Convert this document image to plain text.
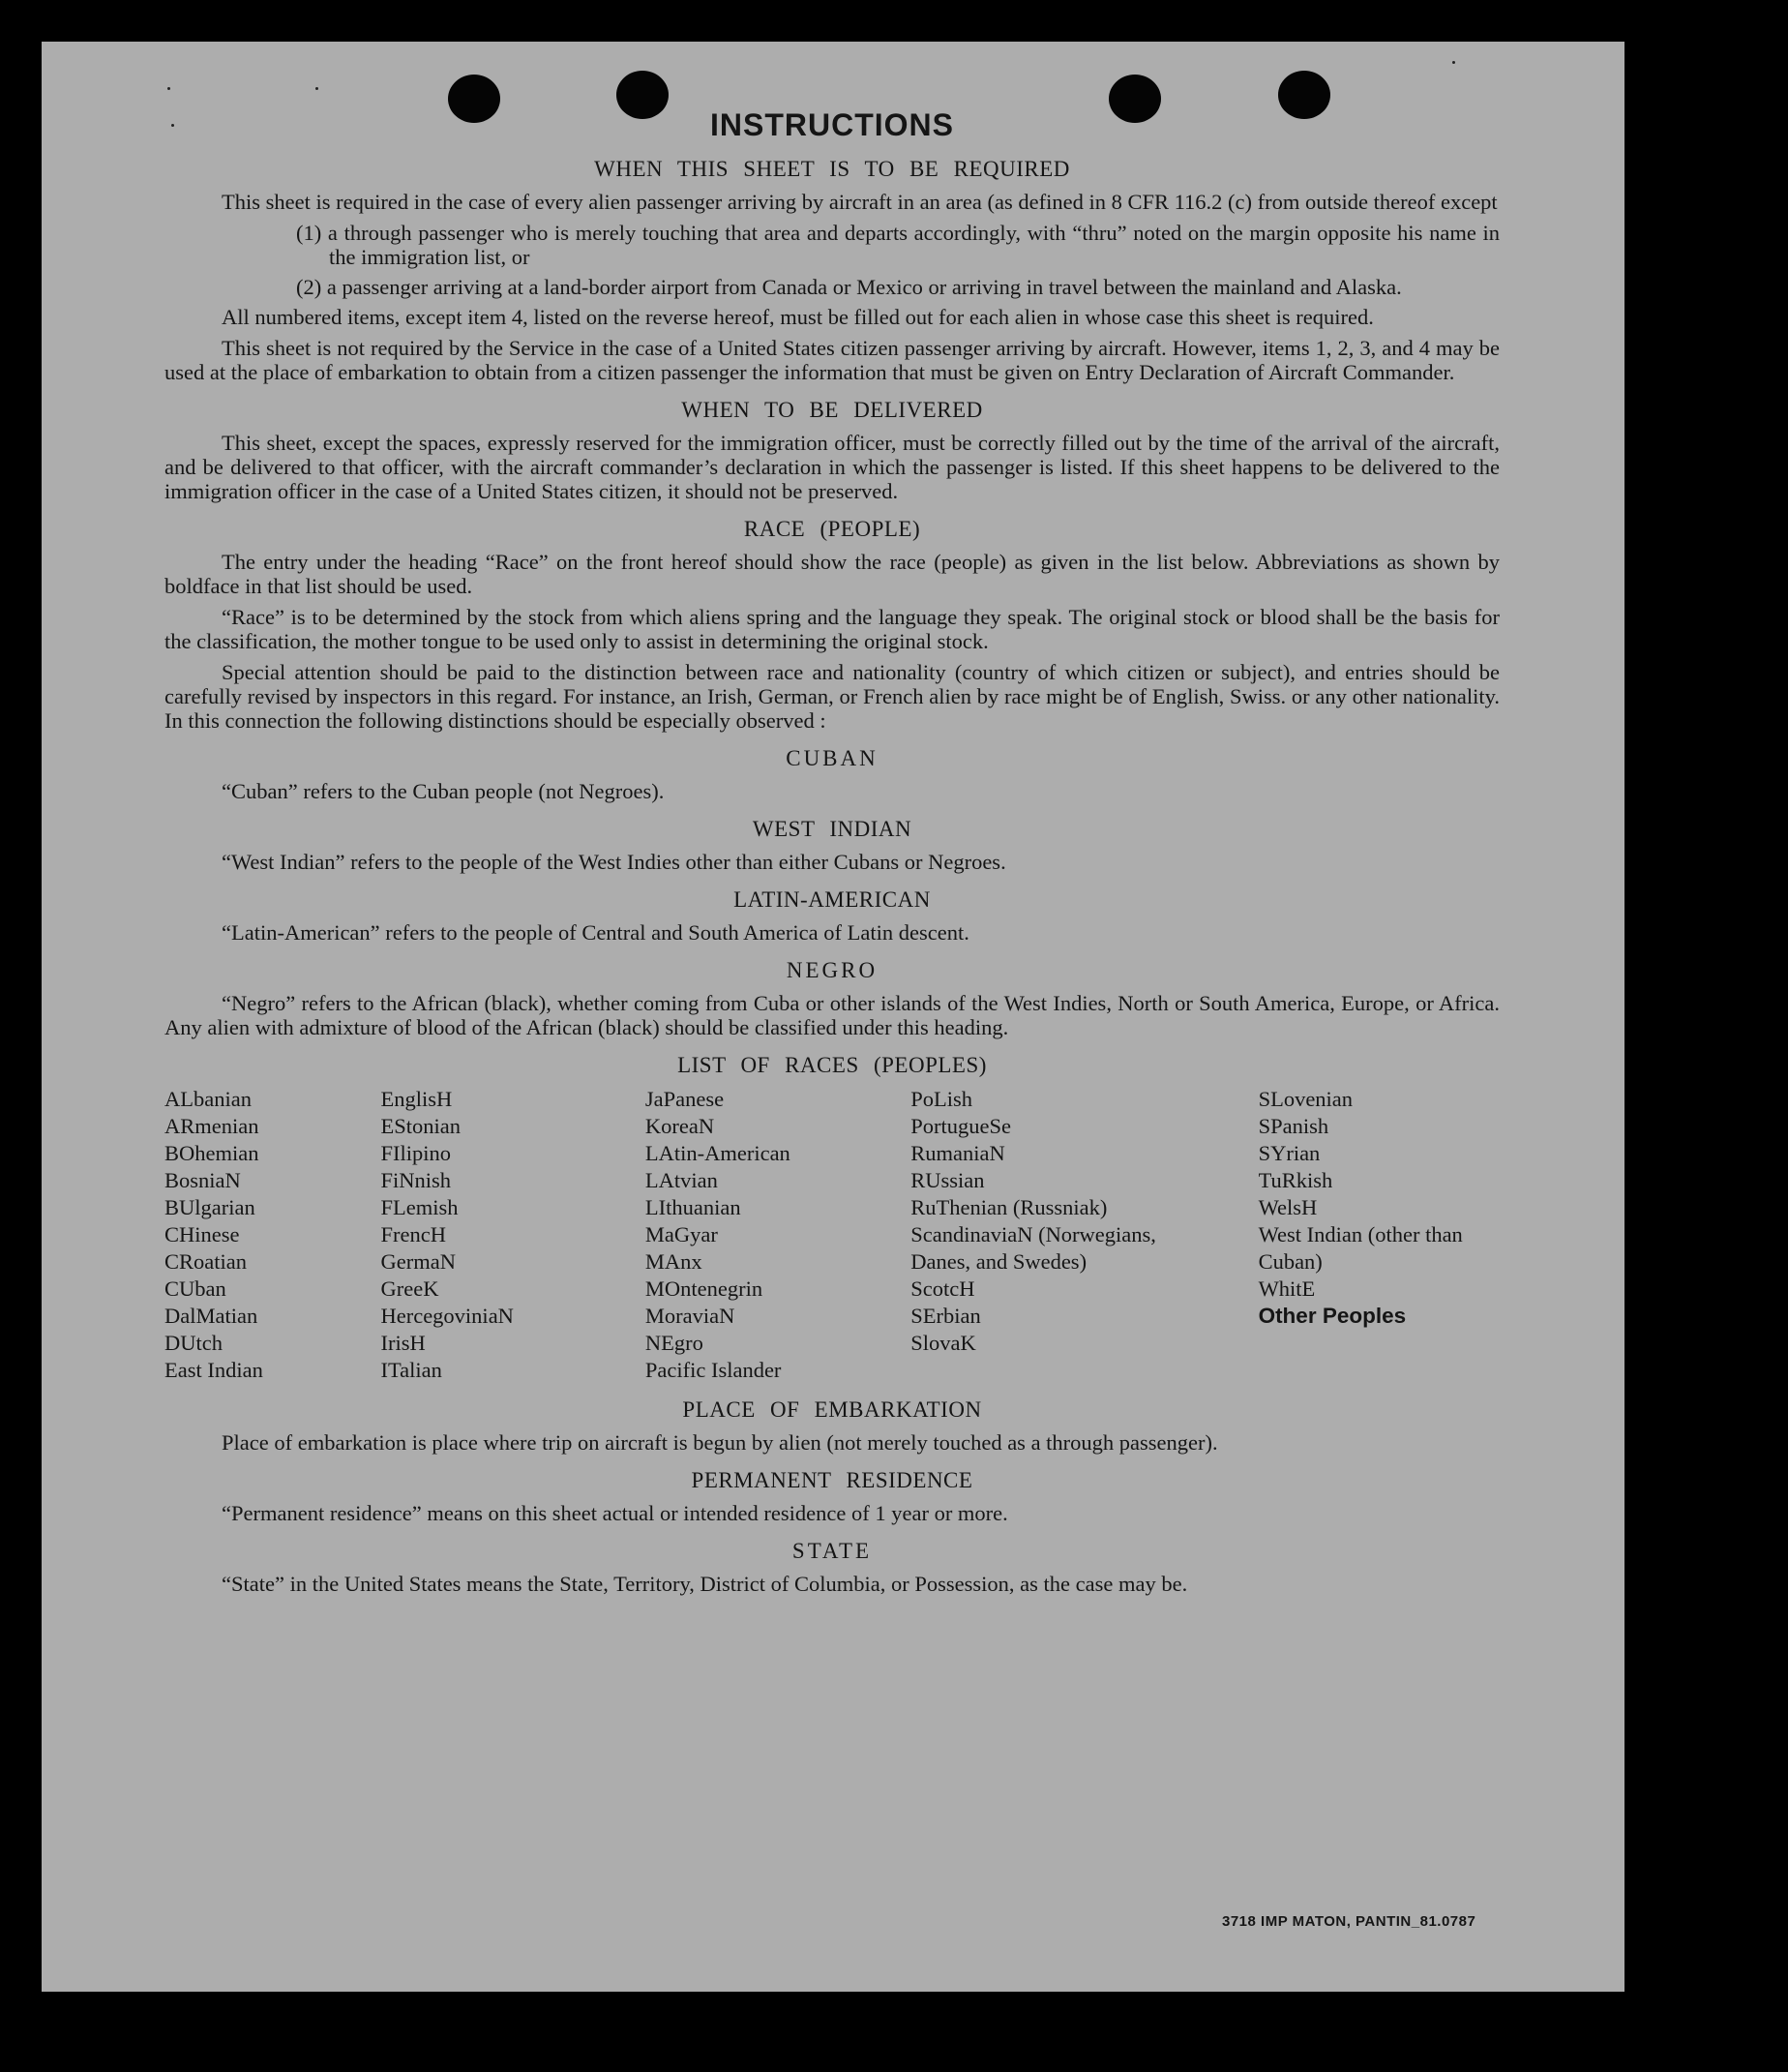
INSTRUCTIONS
WHEN THIS SHEET IS TO BE REQUIRED

This sheet is required in the case of every alien passenger arriving by aircraft in an area (as defined in 8 CFR 116.2 (c) from outside thereof except

(1) a through passenger who is merely touching that area and departs accordingly, with “thru” noted on the margin opposite his name in the immigration list, or

(2) a passenger arriving at a land-border airport from Canada or Mexico or arriving in travel between the mainland and Alaska.

All numbered items, except item 4, listed on the reverse hereof, must be filled out for each alien in whose case this sheet is required.

This sheet is not required by the Service in the case of a United States citizen passenger arriving by aircraft. However, items 1, 2, 3, and 4 may be used at the place of embarkation to obtain from a citizen passenger the information that must be given on Entry Declaration of Aircraft Commander.

WHEN TO BE DELIVERED

This sheet, except the spaces, expressly reserved for the immigration officer, must be correctly filled out by the time of the arrival of the aircraft, and be delivered to that officer, with the aircraft commander’s declaration in which the passenger is listed. If this sheet happens to be delivered to the immigration officer in the case of a United States citizen, it should not be preserved.

RACE (PEOPLE)

The entry under the heading “Race” on the front hereof should show the race (people) as given in the list below. Abbreviations as shown by boldface in that list should be used.

“Race” is to be determined by the stock from which aliens spring and the language they speak. The original stock or blood shall be the basis for the classification, the mother tongue to be used only to assist in determining the original stock.

Special attention should be paid to the distinction between race and nationality (country of which citizen or subject), and entries should be carefully revised by inspectors in this regard. For instance, an Irish, German, or French alien by race might be of English, Swiss. or any other nationality. In this connection the following distinctions should be especially observed :

CUBAN

“Cuban” refers to the Cuban people (not Negroes).

WEST INDIAN

“West Indian” refers to the people of the West Indies other than either Cubans or Negroes.

LATIN-AMERICAN

“Latin-American” refers to the people of Central and South America of Latin descent.

NEGRO

“Negro” refers to the African (black), whether coming from Cuba or other islands of the West Indies, North or South America, Europe, or Africa. Any alien with admixture of blood of the African (black) should be classified under this heading.

LIST OF RACES (PEOPLES)
ALbanian
ARmenian
BOhemian
BosniaN
BUlgarian
CHinese
CRoatian
CUban
DalMatian
DUtch
East Indian
EnglisH
EStonian
FIlipino
FiNnish
FLemish
FrencH
GermaN
GreeK
HercegoviniaN
IrisH
ITalian
JaPanese
KoreaN
LAtin-American
LAtvian
LIthuanian
MaGyar
MAnx
MOntenegrin
MoraviaN
NEgro
Pacific Islander
PoLish
PortugueSe
RumaniaN
RUssian
RuThenian (Russniak)
ScandinaviaN (Norwegians, Danes, and Swedes)
ScotcH
SErbian
SlovaK
SLovenian
SPanish
SYrian
TuRkish
WelsH
West Indian (other than Cuban)
WhitE
Other Peoples
PLACE OF EMBARKATION

Place of embarkation is place where trip on aircraft is begun by alien (not merely touched as a through passenger).

PERMANENT RESIDENCE

“Permanent residence” means on this sheet actual or intended residence of 1 year or more.

STATE

“State” in the United States means the State, Territory, District of Columbia, or Possession, as the case may be.

3718 IMP MATON, PANTIN_81.0787
